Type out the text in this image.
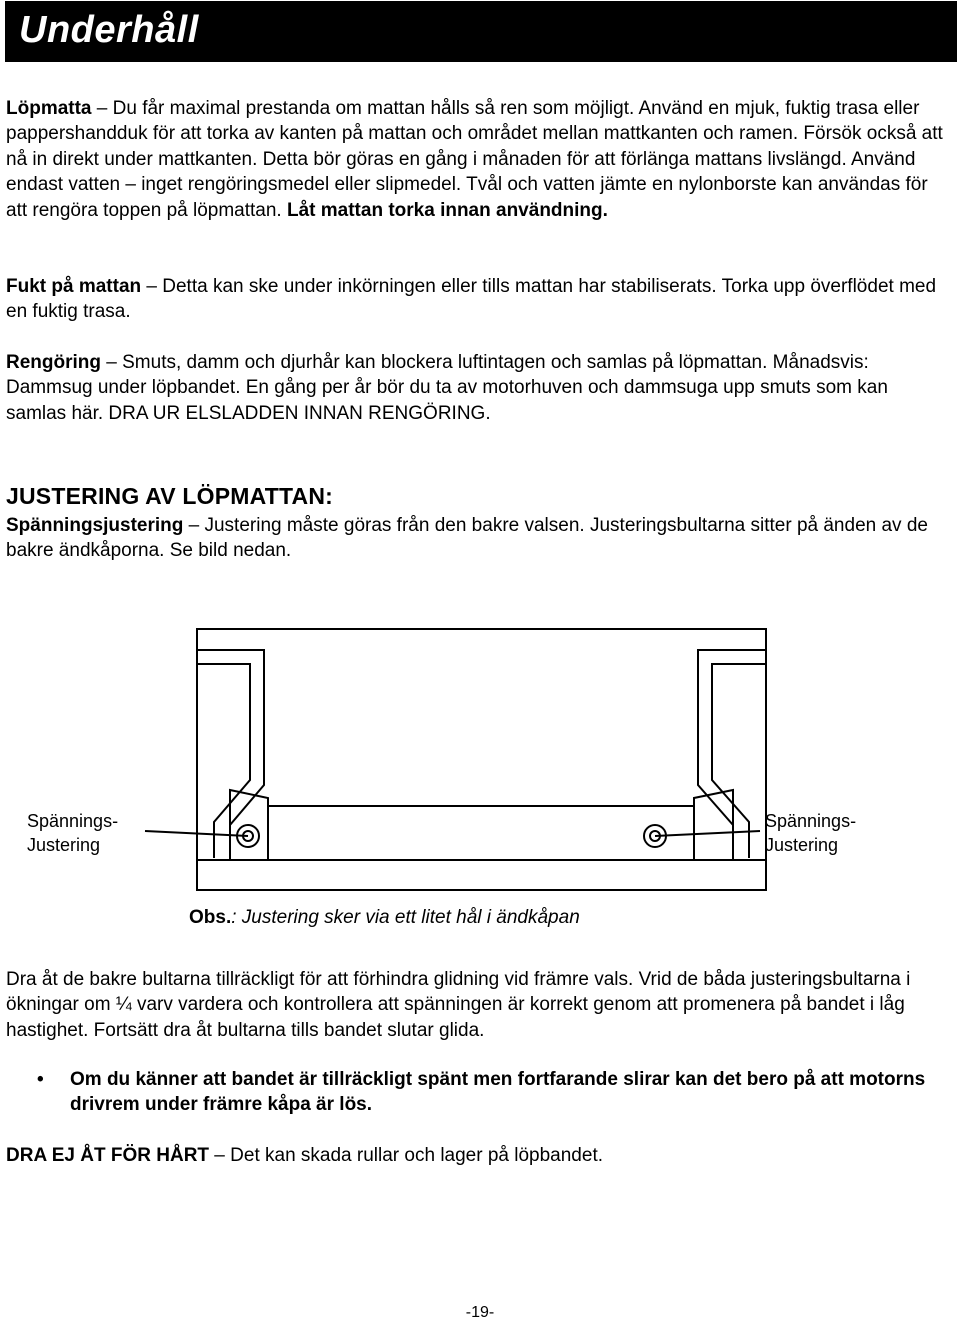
Underhåll
Löpmatta – Du får maximal prestanda om mattan hålls så ren som möjligt. Använd en mjuk, fuktig trasa eller pappershandduk för att torka av kanten på mattan och området mellan mattkanten och ramen. Försök också att nå in direkt under mattkanten. Detta bör göras en gång i månaden för att förlänga mattans livslängd. Använd endast vatten – inget rengöringsmedel eller slipmedel. Tvål och vatten jämte en nylonborste kan användas för att rengöra toppen på löpmattan. Låt mattan torka innan användning.
Fukt på mattan – Detta kan ske under inkörningen eller tills mattan har stabiliserats. Torka upp överflödet med en fuktig trasa.
Rengöring – Smuts, damm och djurhår kan blockera luftintagen och samlas på löpmattan. Månadsvis: Dammsug under löpbandet. En gång per år bör du ta av motorhuven och dammsuga upp smuts som kan samlas här. DRA UR ELSLADDEN INNAN RENGÖRING.
JUSTERING AV LÖPMATTAN:
Spänningsjustering – Justering måste göras från den bakre valsen. Justeringsbultarna sitter på änden av de bakre ändkåporna. Se bild nedan.
Spännings-
Justering
Spännings-
Justering
Obs.: Justering sker via ett litet hål i ändkåpan
Dra åt de bakre bultarna tillräckligt för att förhindra glidning vid främre vals. Vrid de båda justeringsbultarna i ökningar om ¼ varv vardera och kontrollera att spänningen är korrekt genom att promenera på bandet i låg hastighet. Fortsätt dra åt bultarna tills bandet slutar glida.
• Om du känner att bandet är tillräckligt spänt men fortfarande slirar kan det bero på att motorns drivrem under främre kåpa är lös.
DRA EJ ÅT FÖR HÅRT – Det kan skada rullar och lager på löpbandet.
-19-
